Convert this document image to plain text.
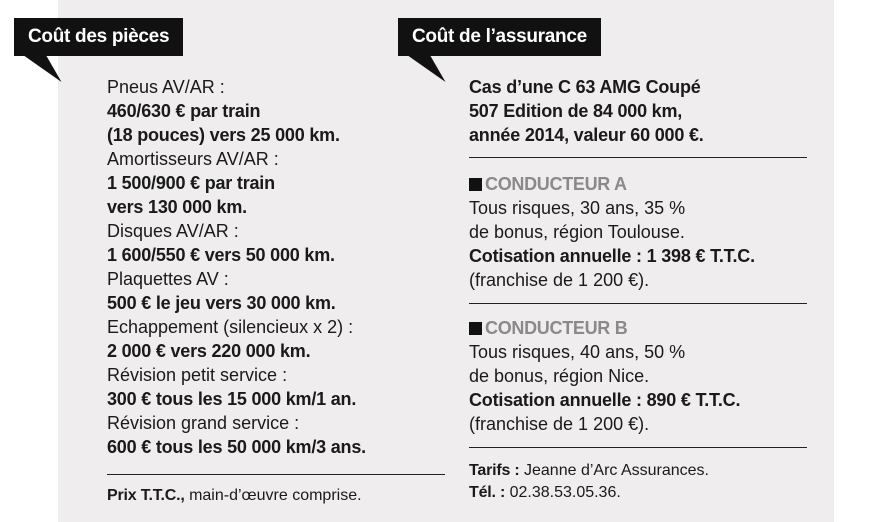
Coût des pièces	Coût de l’assurance
Pneus AV/AR :
460/630 € par train
(18 pouces) vers 25 000 km.
Amortisseurs AV/AR :
1 500/900 € par train
vers 130 000 km.
Disques AV/AR :
1 600/550 € vers 50 000 km.
Plaquettes AV :
500 € le jeu vers 30 000 km.
Echappement (silencieux x 2) :
2 000 € vers 220 000 km.
Révision petit service :
300 € tous les 15 000 km/1 an.
Révision grand service :
600 € tous les 50 000 km/3 ans.
Prix T.T.C., main-d’œuvre comprise.
Cas d’une C 63 AMG Coupé
507 Edition de 84 000 km,
année 2014, valeur 60 000 €.
CONDUCTEUR A
Tous risques, 30 ans, 35 %
de bonus, région Toulouse.
Cotisation annuelle : 1 398 € T.T.C.
(franchise de 1 200 €).
CONDUCTEUR B
Tous risques, 40 ans, 50 %
de bonus, région Nice.
Cotisation annuelle : 890 € T.T.C.
(franchise de 1 200 €).
Tarifs : Jeanne d’Arc Assurances.
Tél. : 02.38.53.05.36.
